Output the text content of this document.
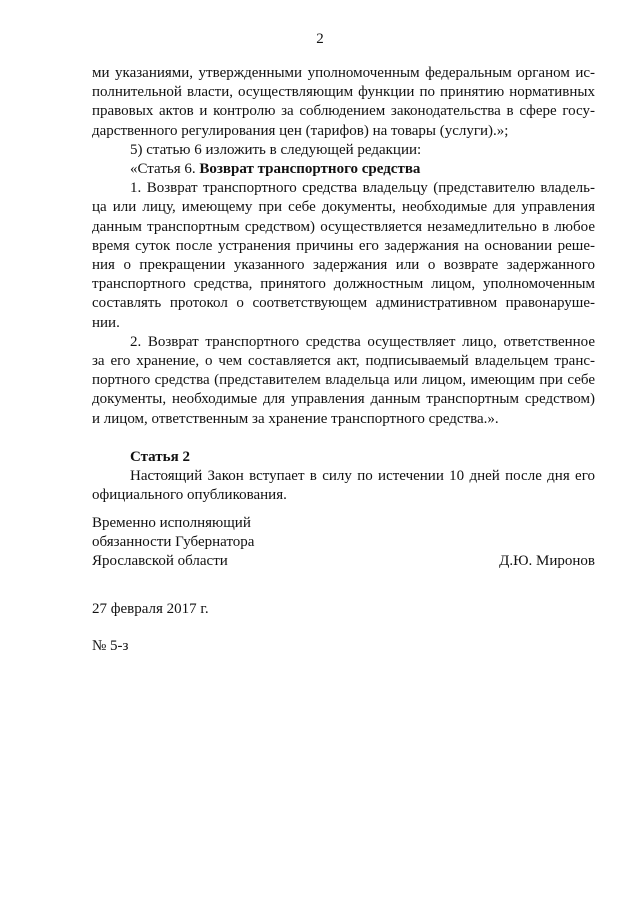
2
ми указаниями, утвержденными уполномоченным федеральным органом ис-
полнительной власти, осуществляющим функции по принятию нормативных
правовых актов и контролю за соблюдением законодательства в сфере госу-
дарственного регулирования цен (тарифов) на товары (услуги).»;
5) статью 6 изложить в следующей редакции:
«Статья 6. Возврат транспортного средства
1. Возврат транспортного средства владельцу (представителю владель-
ца или лицу, имеющему при себе документы, необходимые для управления
данным транспортным средством) осуществляется незамедлительно в любое
время суток после устранения причины его задержания на основании реше-
ния о прекращении указанного задержания или о возврате задержанного
транспортного средства, принятого должностным лицом, уполномоченным
составлять протокол о соответствующем административном правонаруше-
нии.
2. Возврат транспортного средства осуществляет лицо, ответственное
за его хранение, о чем составляется акт, подписываемый владельцем транс-
портного средства (представителем владельца или лицом, имеющим при себе
документы, необходимые для управления данным транспортным средством)
и лицом, ответственным за хранение транспортного средства.».
Статья 2
Настоящий Закон вступает в силу по истечении 10 дней после дня его
официального опубликования.
Временно исполняющий
обязанности Губернатора
Ярославской области	Д.Ю. Миронов
27 февраля 2017 г.
№ 5-з
